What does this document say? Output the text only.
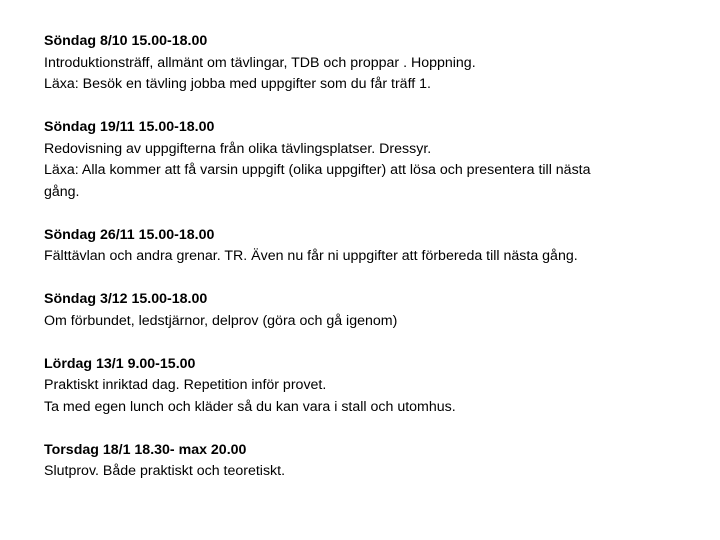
Söndag 8/10 15.00-18.00
Introduktionsträff, allmänt om tävlingar, TDB och proppar . Hoppning.
Läxa: Besök en tävling jobba med uppgifter som du får träff 1.
Söndag 19/11 15.00-18.00
Redovisning av uppgifterna från olika tävlingsplatser. Dressyr.
Läxa: Alla kommer att få varsin uppgift (olika uppgifter) att lösa och presentera till nästa
gång.
Söndag 26/11 15.00-18.00
Fälttävlan och andra grenar. TR. Även nu får ni uppgifter att förbereda till nästa gång.
Söndag 3/12 15.00-18.00
Om förbundet, ledstjärnor, delprov (göra och gå igenom)
Lördag 13/1 9.00-15.00
Praktiskt inriktad dag. Repetition inför provet.
Ta med egen lunch och kläder så du kan vara i stall och utomhus.
Torsdag 18/1 18.30- max 20.00
Slutprov. Både praktiskt och teoretiskt.
